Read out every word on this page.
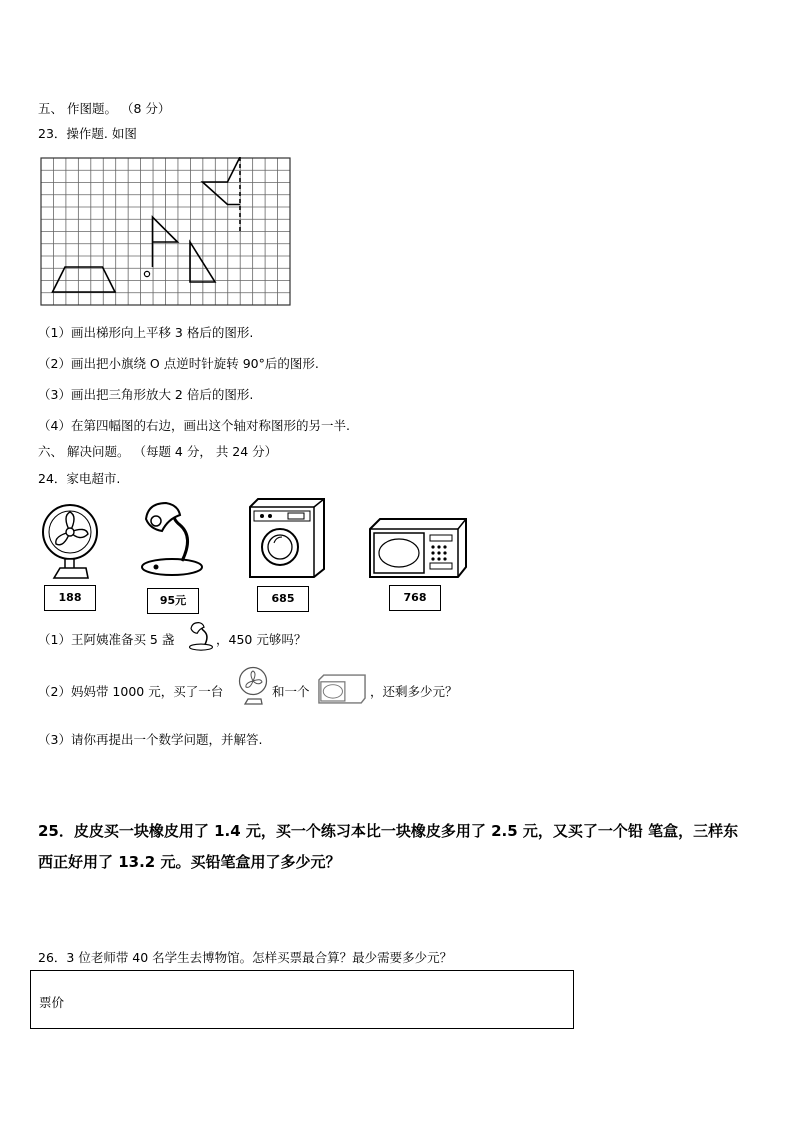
五、 作图题。 （8 分）
23．操作题. 如图
（1）画出梯形向上平移 3 格后的图形.
（2）画出把小旗绕 O 点逆时针旋转 90°后的图形.
（3）画出把三角形放大 2 倍后的图形.
（4）在第四幅图的右边，画出这个轴对称图形的另一半.
六、 解决问题。 （每题 4 分， 共 24 分）
24．家电超市.
188	95元	685	768
（1）王阿姨准备买 5 盏	，450 元够吗？
（2）妈妈带 1000 元，买了一台	和一个	，还剩多少元？
（3）请你再提出一个数学问题，并解答.
25．皮皮买一块橡皮用了 1.4 元，买一个练习本比一块橡皮多用了 2.5 元，又买了一个铅 笔盒，三样东
西正好用了 13.2 元。买铅笔盒用了多少元？
26．3 位老师带 40 名学生去博物馆。怎样买票最合算？最少需要多少元？
票价
